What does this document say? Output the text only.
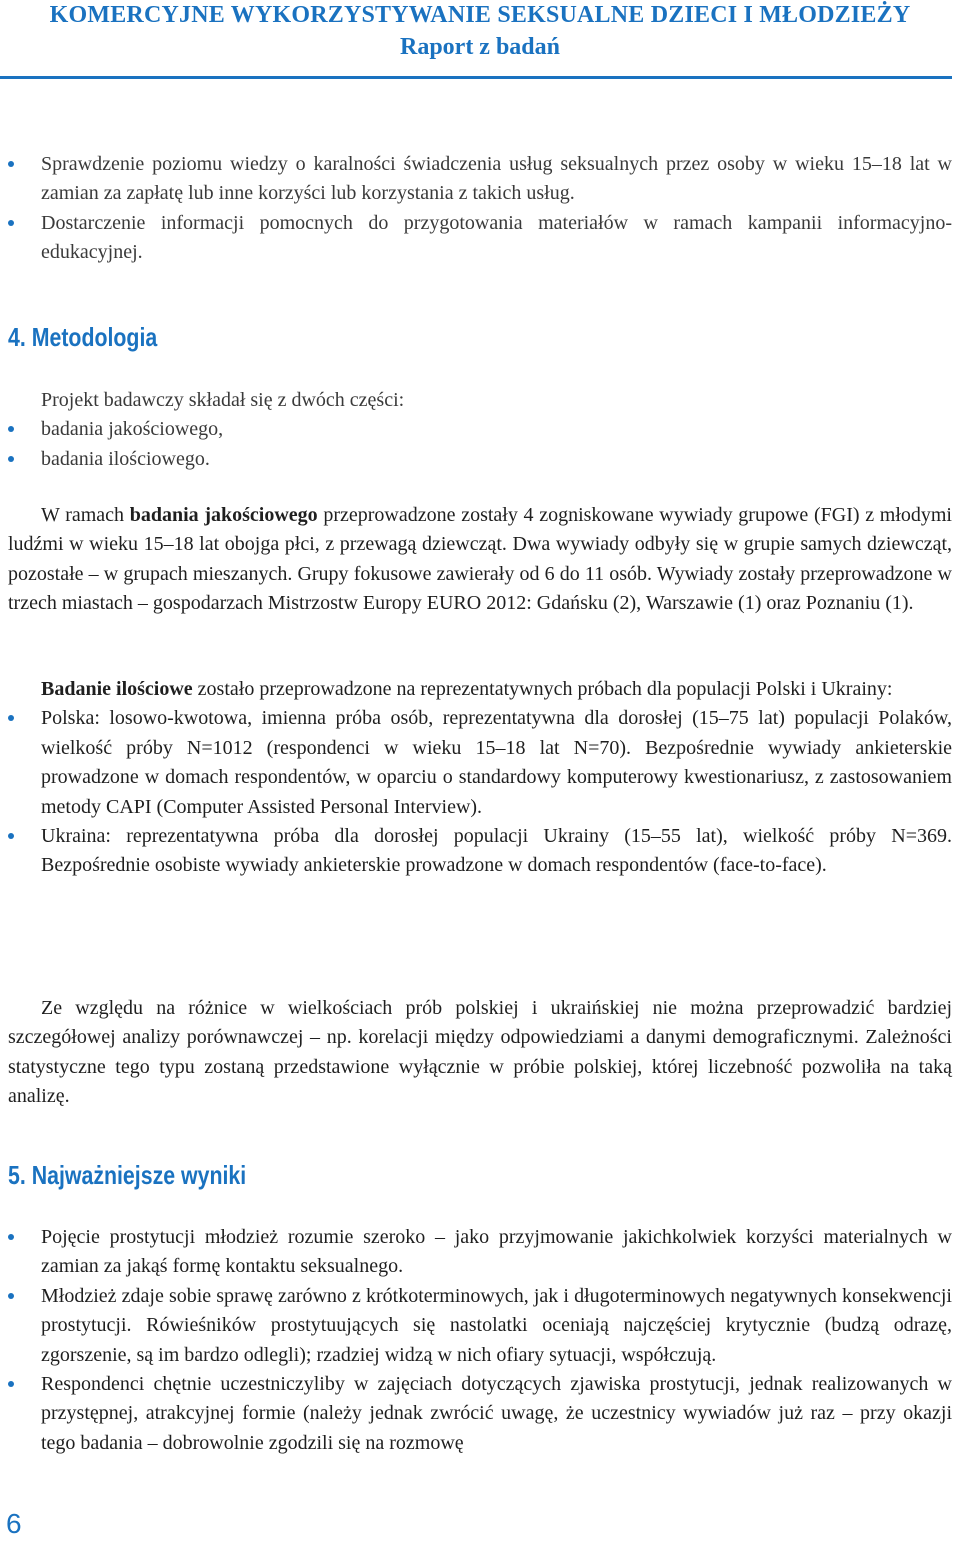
KOMERCYJNE WYKORZYSTYWANIE SEKSUALNE DZIECI I MŁODZIEŻY
Raport z badań
Sprawdzenie poziomu wiedzy o karalności świadczenia usług seksualnych przez osoby w wieku 15–18 lat w zamian za zapłatę lub inne korzyści lub korzystania z takich usług.
Dostarczenie informacji pomocnych do przygotowania materiałów w ramach kampanii informacyjno-edukacyjnej.
4. Metodologia

Projekt badawczy składał się z dwóch części:

badania jakościowego,
badania ilościowego.

W ramach badania jakościowego przeprowadzone zostały 4 zogniskowane wywiady grupowe (FGI) z młodymi ludźmi w wieku 15–18 lat obojga płci, z przewagą dziewcząt. Dwa wywiady odbyły się w grupie samych dziewcząt, pozostałe – w grupach mieszanych. Grupy fokusowe zawierały od 6 do 11 osób. Wywiady zostały przeprowadzone w trzech miastach – gospodarzach Mistrzostw Europy EURO 2012: Gdańsku (2), Warszawie (1) oraz Poznaniu (1).

Badanie ilościowe zostało przeprowadzone na reprezentatywnych próbach dla populacji Polski i Ukrainy:

Polska: losowo-kwotowa, imienna próba osób, reprezentatywna dla dorosłej (15–75 lat) populacji Polaków, wielkość próby N=1012 (respondenci w wieku 15–18 lat N=70). Bezpośrednie wywiady ankieterskie prowadzone w domach respondentów, w oparciu o standardowy komputerowy kwestionariusz, z zastosowaniem metody CAPI (Computer Assisted Personal Interview).
Ukraina: reprezentatywna próba dla dorosłej populacji Ukrainy (15–55 lat), wielkość próby N=369. Bezpośrednie osobiste wywiady ankieterskie prowadzone w domach respondentów (face-to-face).

Ze względu na różnice w wielkościach prób polskiej i ukraińskiej nie można przeprowadzić bardziej szczegółowej analizy porównawczej – np. korelacji między odpowiedziami a danymi demograficznymi. Zależności statystyczne tego typu zostaną przedstawione wyłącznie w próbie polskiej, której liczebność pozwoliła na taką analizę.

5. Najważniejsze wyniki
Pojęcie prostytucji młodzież rozumie szeroko – jako przyjmowanie jakichkolwiek korzyści materialnych w zamian za jakąś formę kontaktu seksualnego.
Młodzież zdaje sobie sprawę zarówno z krótkoterminowych, jak i długoterminowych negatywnych konsekwencji prostytucji. Rówieśników prostytuujących się nastolatki oceniają najczęściej krytycznie (budzą odrazę, zgorszenie, są im bardzo odlegli); rzadziej widzą w nich ofiary sytuacji, współczują.
Respondenci chętnie uczestniczyliby w zajęciach dotyczących zjawiska prostytucji, jednak realizowanych w przystępnej, atrakcyjnej formie (należy jednak zwrócić uwagę, że uczestnicy wywiadów już raz – przy okazji tego badania – dobrowolnie zgodzili się na rozmowę
6
